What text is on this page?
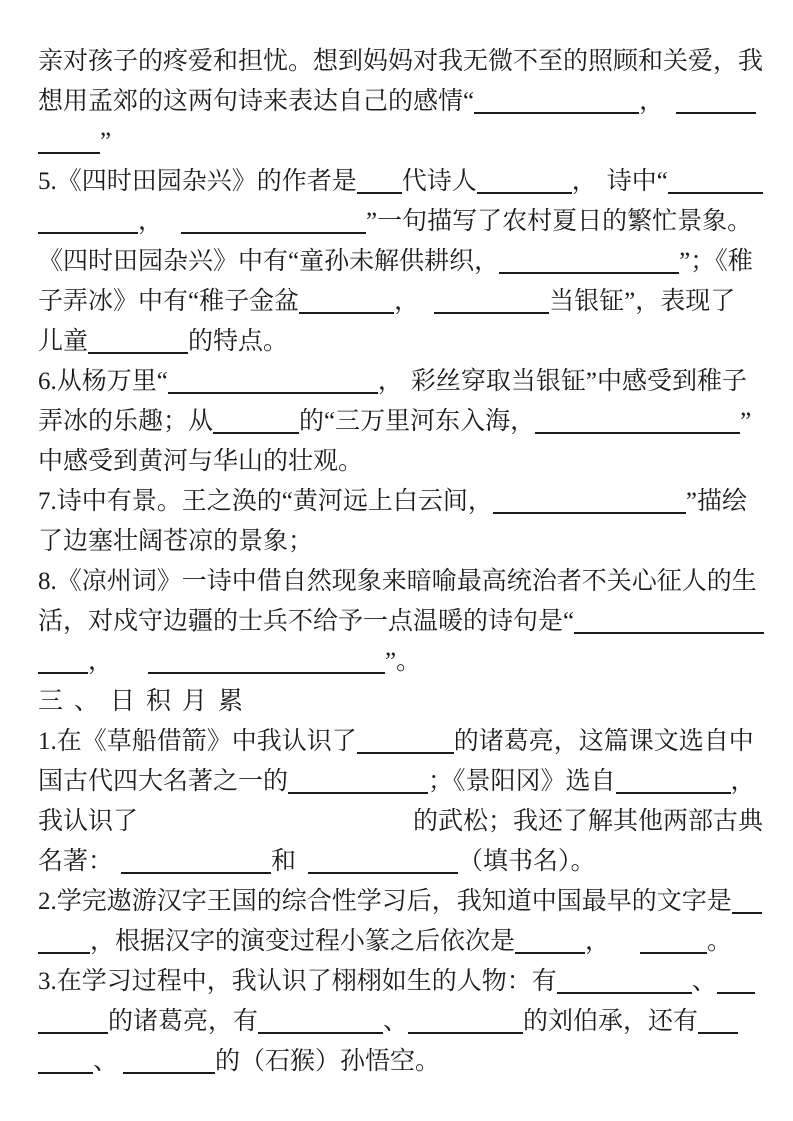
亲对孩子的疼爱和担忧。想到妈妈对我无微不至的照顾和关爱，我
想用孟郊的这两句诗来表达自己的感情“	，
”
5.《四时田园杂兴》的作者是 代诗人	， 诗中“
，	”一句描写了农村夏日的繁忙景象。
《四时田园杂兴》中有“童孙未解供耕织，	”；《稚
子弄冰》中有“稚子金盆	，	当银钲”，表现了
儿童	的特点。
6.从杨万里“	， 彩丝穿取当银钲”中感受到稚子
弄冰的乐趣；从	的“三万里河东入海，	”
中感受到黄河与华山的壮观。
7.诗中有景。王之涣的“黄河远上白云间，	”描绘
了边塞壮阔苍凉的景象；
8.《凉州词》一诗中借自然现象来暗喻最高统治者不关心征人的生
活，对戍守边疆的士兵不给予一点温暖的诗句是“
，	”。
三、日积月累
1.在《草船借箭》中我认识了	的诸葛亮，这篇课文选自中
国古代四大名著之一的	；《景阳冈》选自	，
我认识了	的武松；我还了解其他两部古典
名著：	和	（填书名）。
2.学完遨游汉字王国的综合性学习后，我知道中国最早的文字是
，根据汉字的演变过程小篆之后依次是	，	。
3.在学习过程中，我认识了栩栩如生的人物：有	、
的诸葛亮，有	、	的刘伯承，还有
、	的（石猴）孙悟空。
